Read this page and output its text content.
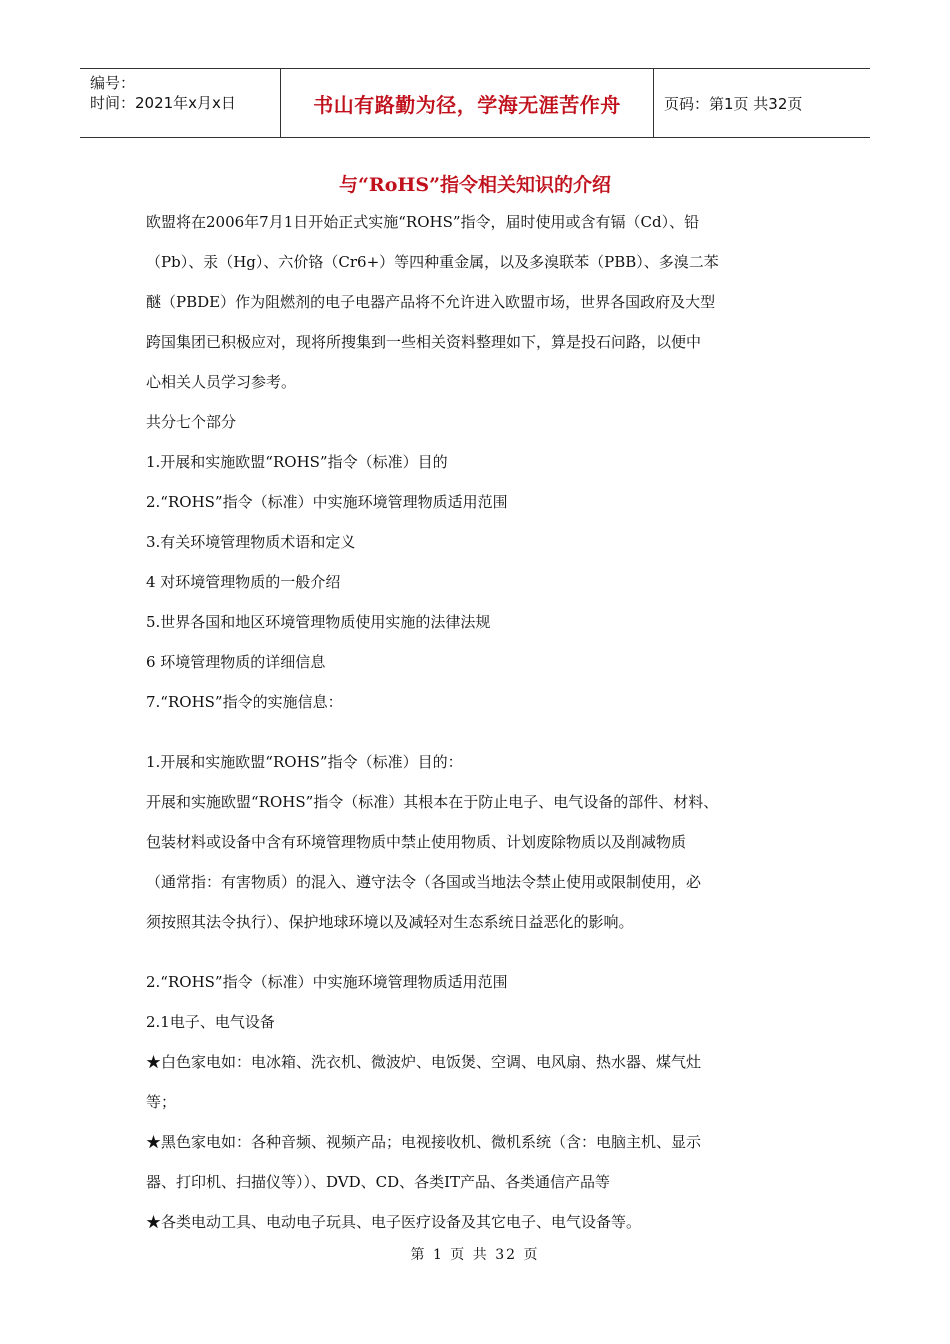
编号：
时间：2021年x月x日	书山有路勤为径，学海无涯苦作舟	页码：第1页 共32页
与“RoHS”指令相关知识的介绍
欧盟将在2006年7月1日开始正式实施“ROHS”指令，届时使用或含有镉（Cd）、铅
（Pb）、汞（Hg）、六价铬（Cr6+）等四种重金属，以及多溴联苯（PBB）、多溴二苯
醚（PBDE）作为阻燃剂的电子电器产品将不允许进入欧盟市场，世界各国政府及大型
跨国集团已积极应对，现将所搜集到一些相关资料整理如下，算是投石问路，以便中
心相关人员学习参考。
共分七个部分
1.开展和实施欧盟“ROHS”指令（标准）目的
2.“ROHS”指令（标准）中实施环境管理物质适用范围
3.有关环境管理物质术语和定义
4 对环境管理物质的一般介绍
5.世界各国和地区环境管理物质使用实施的法律法规
6 环境管理物质的详细信息
7.“ROHS”指令的实施信息：
1.开展和实施欧盟“ROHS”指令（标准）目的：
开展和实施欧盟“ROHS”指令（标准）其根本在于防止电子、电气设备的部件、材料、
包装材料或设备中含有环境管理物质中禁止使用物质、计划废除物质以及削减物质
（通常指：有害物质）的混入、遵守法令（各国或当地法令禁止使用或限制使用，必
须按照其法令执行）、保护地球环境以及减轻对生态系统日益恶化的影响。
2.“ROHS”指令（标准）中实施环境管理物质适用范围
2.1电子、电气设备
★白色家电如：电冰箱、洗衣机、微波炉、电饭煲、空调、电风扇、热水器、煤气灶
等；
★黑色家电如：各种音频、视频产品；电视接收机、微机系统（含：电脑主机、显示
器、打印机、扫描仪等））、DVD、CD、各类IT产品、各类通信产品等
★各类电动工具、电动电子玩具、电子医疗设备及其它电子、电气设备等。
第 1 页 共 32 页
